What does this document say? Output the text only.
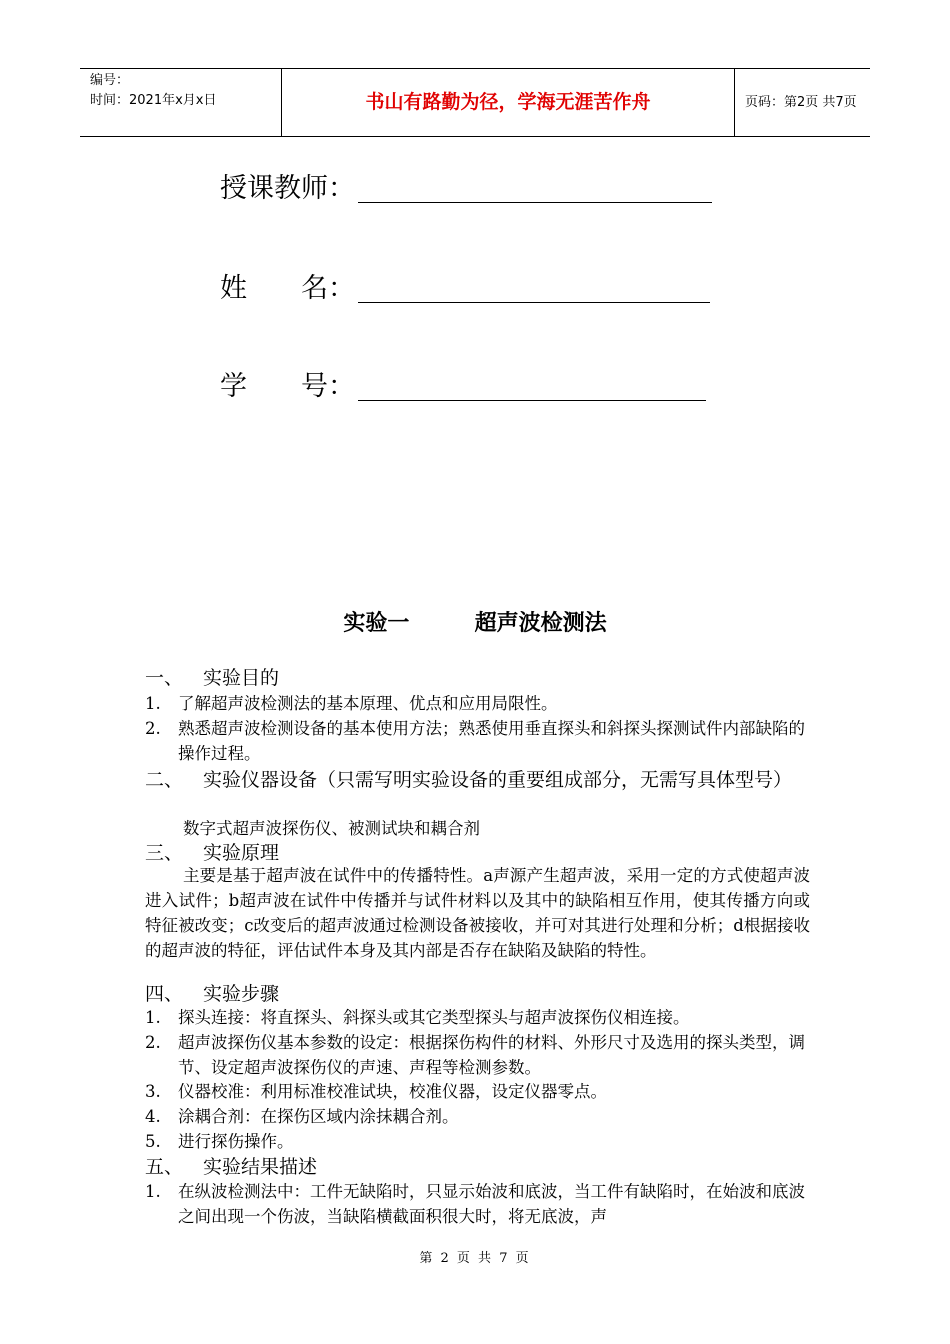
编号：
时间：2021年x月x日	书山有路勤为径，学海无涯苦作舟	页码：第2页 共7页
授课教师：
姓　　名：
学　　号：
实验一	超声波检测法
一、 实验目的
1.	了解超声波检测法的基本原理、优点和应用局限性。
2.	熟悉超声波检测设备的基本使用方法；熟悉使用垂直探头和斜探头探测试件内部缺陷的操作过程。
二、	实验仪器设备（只需写明实验设备的重要组成部分，无需写具体型号）
数字式超声波探伤仪、被测试块和耦合剂
三、 实验原理
主要是基于超声波在试件中的传播特性。a声源产生超声波，采用一定的方式使超声波进入试件；b超声波在试件中传播并与试件材料以及其中的缺陷相互作用，使其传播方向或特征被改变；c改变后的超声波通过检测设备被接收，并可对其进行处理和分析；d根据接收的超声波的特征，评估试件本身及其内部是否存在缺陷及缺陷的特性。
四、 实验步骤
1.	探头连接：将直探头、斜探头或其它类型探头与超声波探伤仪相连接。
2.	超声波探伤仪基本参数的设定：根据探伤构件的材料、外形尺寸及选用的探头类型，调节、设定超声波探伤仪的声速、声程等检测参数。
3.	仪器校准：利用标准校准试块，校准仪器，设定仪器零点。
4.	涂耦合剂：在探伤区域内涂抹耦合剂。
5.	进行探伤操作。
五、 实验结果描述
1.	在纵波检测法中：工件无缺陷时，只显示始波和底波，当工件有缺陷时，在始波和底波之间出现一个伤波，当缺陷横截面积很大时，将无底波，声
第 2 页 共 7 页
